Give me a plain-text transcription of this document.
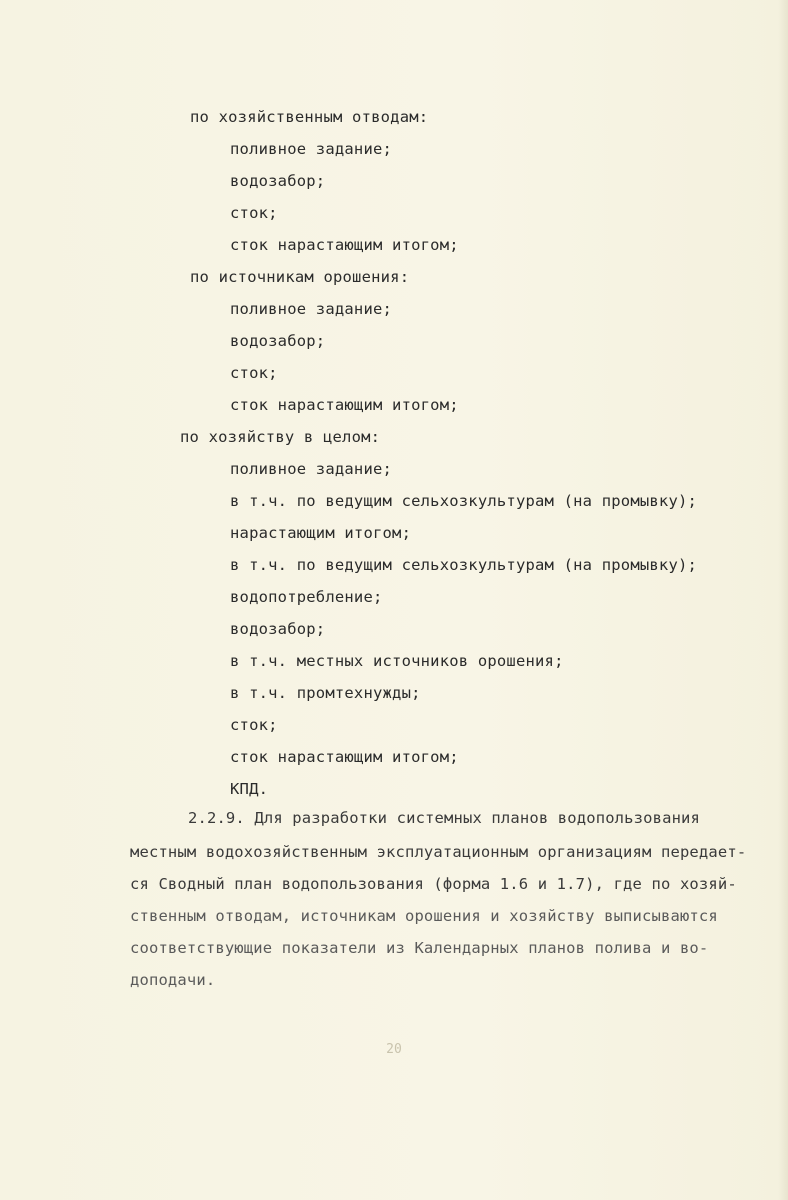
по хозяйственным отводам:
поливное задание;
водозабор;
сток;
сток нарастающим итогом;
по источникам орошения:
поливное задание;
водозабор;
сток;
сток нарастающим итогом;
по хозяйству в целом:
поливное задание;
в т.ч. по ведущим сельхозкультурам (на промывку);
нарастающим итогом;
в т.ч. по ведущим сельхозкультурам (на промывку);
водопотребление;
водозабор;
в т.ч. местных источников орошения;
в т.ч. промтехнужды;
сток;
сток нарастающим итогом;
КПД.
2.2.9. Для разработки системных планов водопользования
местным водохозяйственным эксплуатационным организациям передает-
ся Сводный план водопользования (форма 1.6 и 1.7), где по хозяй-
ственным отводам, источникам орошения и хозяйству выписываются
соответствующие показатели из Календарных планов полива и во-
доподачи.
20
